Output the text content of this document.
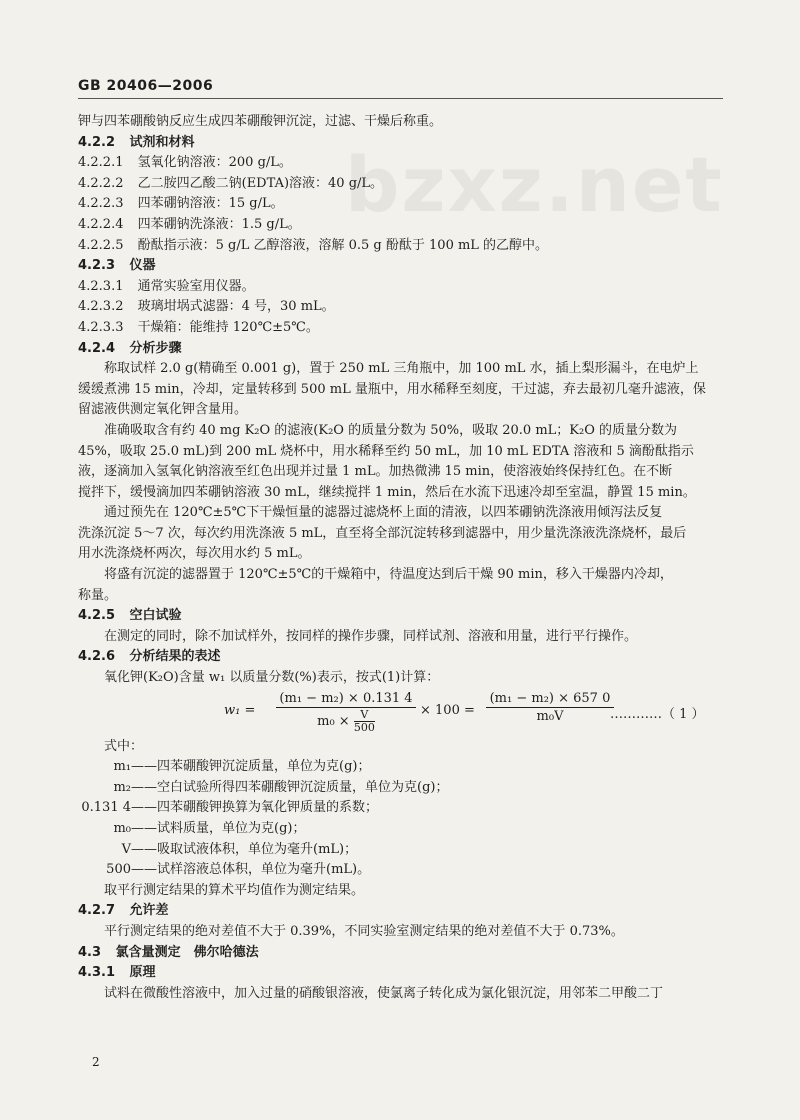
GB 20406—2006
bzxz.net
钾与四苯硼酸钠反应生成四苯硼酸钾沉淀，过滤、干燥后称重。
4.2.2 试剂和材料
4.2.2.1 氢氧化钠溶液：200 g/L。
4.2.2.2 乙二胺四乙酸二钠(EDTA)溶液：40 g/L。
4.2.2.3 四苯硼钠溶液：15 g/L。
4.2.2.4 四苯硼钠洗涤液：1.5 g/L。
4.2.2.5 酚酞指示液：5 g/L 乙醇溶液，溶解 0.5 g 酚酞于 100 mL 的乙醇中。
4.2.3 仪器
4.2.3.1 通常实验室用仪器。
4.2.3.2 玻璃坩埚式滤器：4 号，30 mL。
4.2.3.3 干燥箱：能维持 120℃±5℃。
4.2.4 分析步骤
称取试样 2.0 g(精确至 0.001 g)，置于 250 mL 三角瓶中，加 100 mL 水，插上梨形漏斗，在电炉上
缓缓煮沸 15 min，冷却，定量转移到 500 mL 量瓶中，用水稀释至刻度，干过滤，弃去最初几毫升滤液，保
留滤液供测定氧化钾含量用。
准确吸取含有约 40 mg K₂O 的滤液(K₂O 的质量分数为 50%，吸取 20.0 mL；K₂O 的质量分数为
45%，吸取 25.0 mL)到 200 mL 烧杯中，用水稀释至约 50 mL，加 10 mL EDTA 溶液和 5 滴酚酞指示
液，逐滴加入氢氧化钠溶液至红色出现并过量 1 mL。加热微沸 15 min，使溶液始终保持红色。在不断
搅拌下，缓慢滴加四苯硼钠溶液 30 mL，继续搅拌 1 min，然后在水流下迅速冷却至室温，静置 15 min。
通过预先在 120℃±5℃下干燥恒量的滤器过滤烧杯上面的清液，以四苯硼钠洗涤液用倾泻法反复
洗涤沉淀 5～7 次，每次约用洗涤液 5 mL，直至将全部沉淀转移到滤器中，用少量洗涤液洗涤烧杯，最后
用水洗涤烧杯两次，每次用水约 5 mL。
将盛有沉淀的滤器置于 120℃±5℃的干燥箱中，待温度达到后干燥 90 min，移入干燥器内冷却，
称量。
4.2.5 空白试验
在测定的同时，除不加试样外，按同样的操作步骤，同样试剂、溶液和用量，进行平行操作。
4.2.6 分析结果的表述
氧化钾(K₂O)含量 w₁ 以质量分数(%)表示，按式(1)计算：
w₁ =
(m₁ − m₂) × 0.131 4
$m_0 \times \frac{V}{500}$	× 100 =
(m₁ − m₂) × 657 0
m₀V	…………（ 1 ）
式中：
m₁——四苯硼酸钾沉淀质量，单位为克(g)；
m₂——空白试验所得四苯硼酸钾沉淀质量，单位为克(g)；
0.131 4——四苯硼酸钾换算为氧化钾质量的系数；
m₀——试料质量，单位为克(g)；
V——吸取试液体积，单位为毫升(mL)；
500——试样溶液总体积，单位为毫升(mL)。
取平行测定结果的算术平均值作为测定结果。
4.2.7 允许差
平行测定结果的绝对差值不大于 0.39%，不同实验室测定结果的绝对差值不大于 0.73%。
4.3 氯含量测定　佛尔哈德法
4.3.1 原理
试料在微酸性溶液中，加入过量的硝酸银溶液，使氯离子转化成为氯化银沉淀，用邻苯二甲酸二丁
2
